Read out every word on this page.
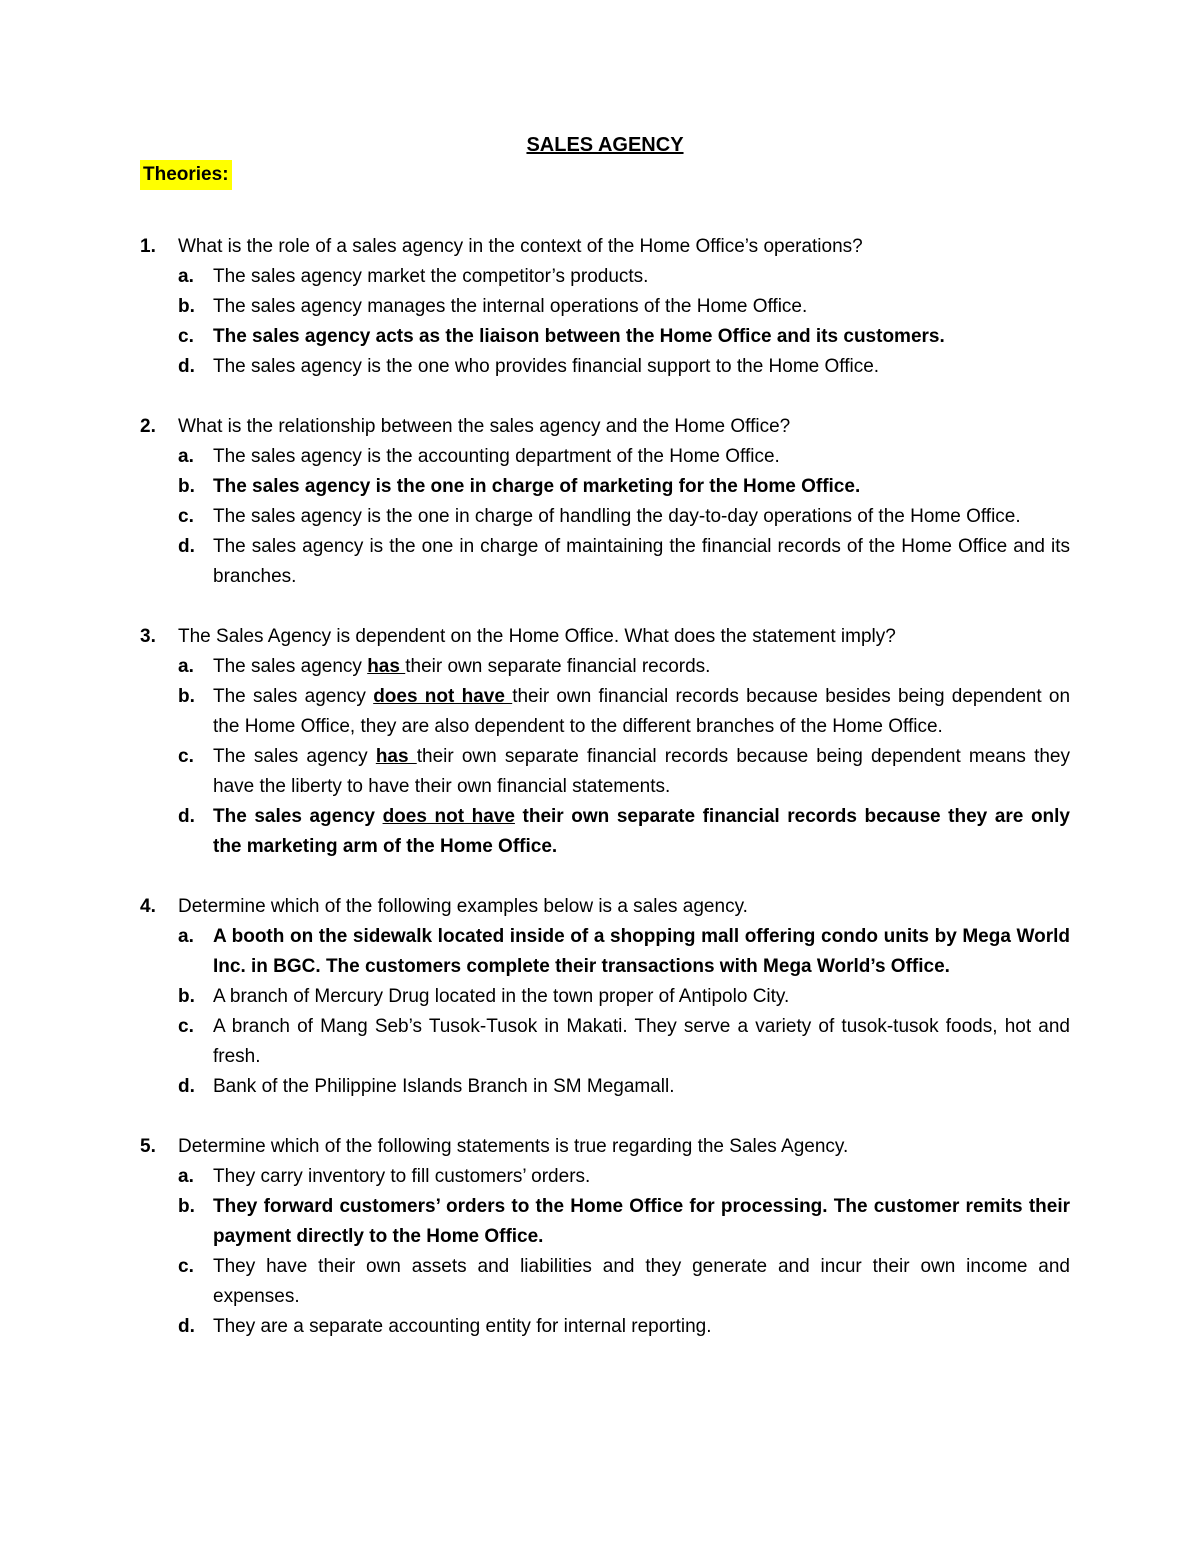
SALES AGENCY
Theories:
1.	What is the role of a sales agency in the context of the Home Office’s operations?
a.	The sales agency market the competitor’s products.
b. The sales agency manages the internal operations of the Home Office.
c.	The sales agency acts as the liaison between the Home Office and its customers.
d. The sales agency is the one who provides financial support to the Home Office.
2.	What is the relationship between the sales agency and the Home Office?
a.	The sales agency is the accounting department of the Home Office.
b. The sales agency is the one in charge of marketing for the Home Office.
c.	The sales agency is the one in charge of handling the day-to-day operations of the Home Office.
d. The sales agency is the one in charge of maintaining the financial records of the Home Office and its branches.
3.	The Sales Agency is dependent on the Home Office. What does the statement imply?
a.	The sales agency has their own separate financial records.
b. The sales agency does not have their own financial records because besides being dependent on the Home Office, they are also dependent to the different branches of the Home Office.
c.	The sales agency has their own separate financial records because being dependent means they have the liberty to have their own financial statements.
d. The sales agency does not have their own separate financial records because they are only the marketing arm of the Home Office.
4.	Determine which of the following examples below is a sales agency.
a.	A booth on the sidewalk located inside of a shopping mall offering condo units by Mega World Inc. in BGC. The customers complete their transactions with Mega World’s Office.
b. A branch of Mercury Drug located in the town proper of Antipolo City.
c.	A branch of Mang Seb’s Tusok-Tusok in Makati. They serve a variety of tusok-tusok foods, hot and fresh.
d. Bank of the Philippine Islands Branch in SM Megamall.
5.	Determine which of the following statements is true regarding the Sales Agency.
a.	They carry inventory to fill customers’ orders.
b. They forward customers’ orders to the Home Office for processing. The customer remits their payment directly to the Home Office.
c.	They have their own assets and liabilities and they generate and incur their own income and expenses.
d. They are a separate accounting entity for internal reporting.
